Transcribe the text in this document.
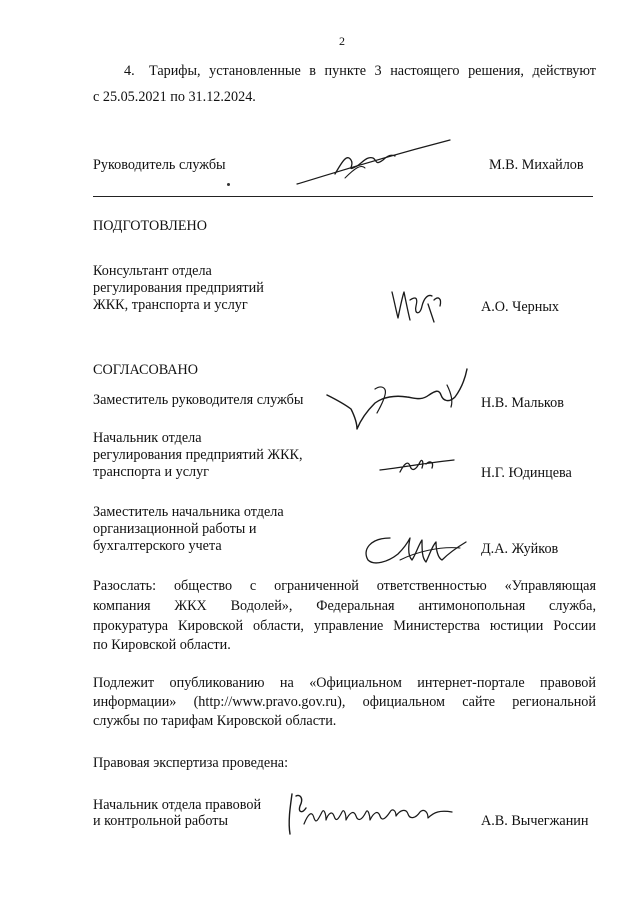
2
4. Тарифы, установленные в пункте 3 настоящего решения, действуют
с 25.05.2021 по 31.12.2024.
Руководитель службы	М.В. Михайлов
ПОДГОТОВЛЕНО
Консультант отдела
регулирования предприятий
ЖКК, транспорта и услуг	А.О. Черных
СОГЛАСОВАНО
Заместитель руководителя службы	Н.В. Мальков
Начальник отдела
регулирования предприятий ЖКК,
транспорта и услуг	Н.Г. Юдинцева
Заместитель начальника отдела
организационной работы и
бухгалтерского учета	Д.А. Жуйков
Разослать: общество с ограниченной ответственностью «Управляющая
компания ЖКХ Водолей», Федеральная антимонопольная служба,
прокуратура Кировской области, управление Министерства юстиции России
по Кировской области.
Подлежит опубликованию на «Официальном интернет-портале правовой
информации» (http://www.pravo.gov.ru), официальном сайте региональной
службы по тарифам Кировской области.
Правовая экспертиза проведена:
Начальник отдела правовой
и контрольной работы	А.В. Вычегжанин
